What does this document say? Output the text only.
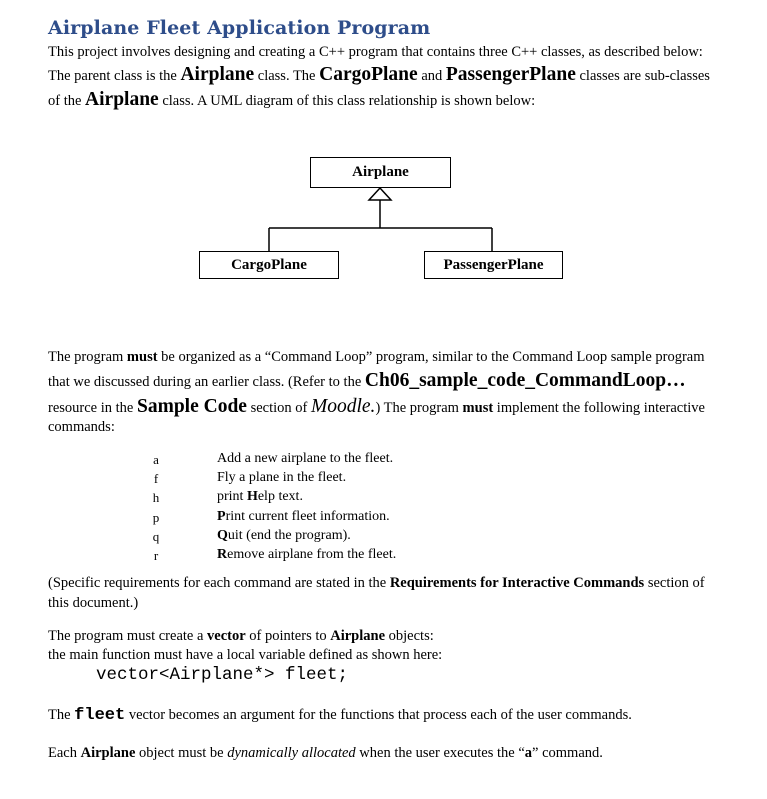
Airplane Fleet Application Program
This project involves designing and creating a C++ program that contains three C++ classes, as described below:
The parent class is the Airplane class. The CargoPlane and PassengerPlane classes are sub-classes
of the Airplane class. A UML diagram of this class relationship is shown below:
Airplane
CargoPlane	PassengerPlane
The program must be organized as a “Command Loop” program, similar to the Command Loop sample program
that we discussed during an earlier class. (Refer to the Ch06_sample_code_CommandLoop…
resource in the Sample Code section of Moodle.) The program must implement the following interactive
commands:
a	Add a new airplane to the fleet.
f	Fly a plane in the fleet.
h	print Help text.
p	Print current fleet information.
q	Quit (end the program).
r	Remove airplane from the fleet.
(Specific requirements for each command are stated in the Requirements for Interactive Commands section of
this document.)
The program must create a vector of pointers to Airplane objects:
the main function must have a local variable defined as shown here:
vector<Airplane*> fleet;
The fleet vector becomes an argument for the functions that process each of the user commands.
Each Airplane object must be dynamically allocated when the user executes the “a” command.
